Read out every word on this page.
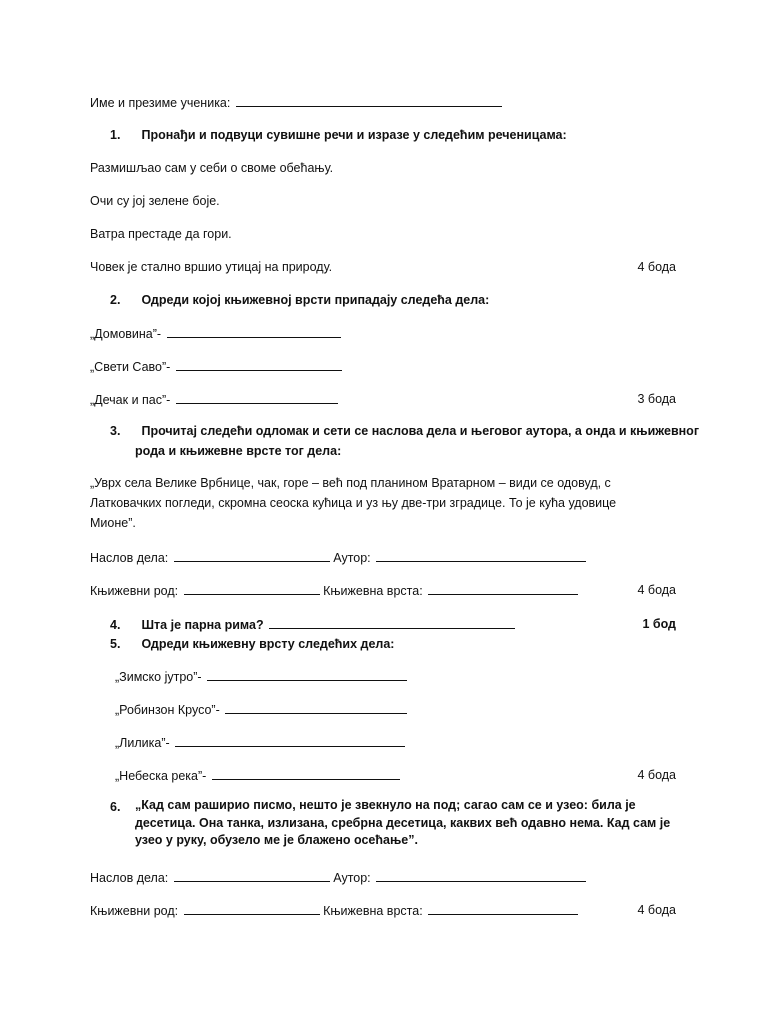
Име и презиме ученика:
1. Пронађи и подвуци сувишне речи и изразе у следећим реченицама:
Размишљао сам у себи о своме обећању.
Очи су јој зелене боје.
Ватра престаде да гори.
Човек је стално вршио утицај на природу.	4 бода
2. Одреди којој књижевној врсти припадају следећа дела:
„Домовина”-
„Свети Саво”-
„Дечак и пас”-	3 бода
3. Прочитај следећи одломак и сети се наслова дела и његовог аутора, а онда и књижевног
рода и књижевне врсте тог дела:
„Уврх села Велике Врбнице, чак, горе – већ под планином Вратарном – види се одовуд, с Латковачких погледи, скромна сеоска кућица и уз њу две-три зградице. То је кућа удовице Мионе”.
Наслов дела:	Аутор:
Књижевни род:	Књижевна врста:	4 бода
4. Шта је парна рима?	1 бод
5. Одреди књижевну врсту следећих дела:
„Зимско јутро”-
„Робинзон Крусо”-
„Лилика”-
„Небеска река”-	4 бода
6. „Кад сам раширио писмо, нешто је звекнуло на под; сагао сам се и узео: била је десетица. Она танка, излизана, сребрна десетица, каквих већ одавно нема. Кад сам је узео у руку, обузело ме је блажено осећање”.
Наслов дела:	Аутор:
Књижевни род:	Књижевна врста:	4 бода
